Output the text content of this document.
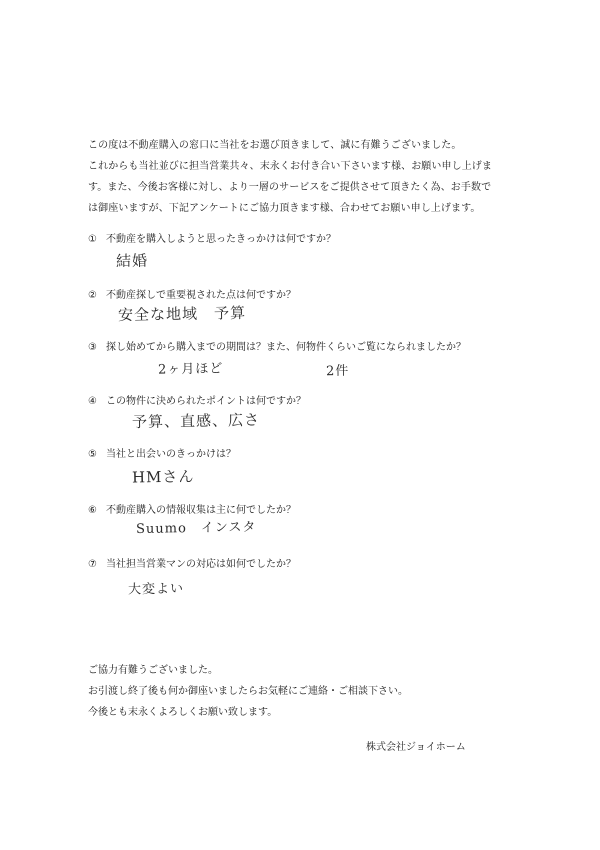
この度は不動産購入の窓口に当社をお選び頂きまして、誠に有難うございました。
これからも当社並びに担当営業共々、末永くお付き合い下さいます様、お願い申し上げま
す。また、今後お客様に対し、より一層のサービスをご提供させて頂きたく為、お手数で
は御座いますが、下記アンケートにご協力頂きます様、合わせてお願い申し上げます。
① 不動産を購入しようと思ったきっかけは何ですか？
結婚
② 不動産探しで重要視された点は何ですか？
安全な地域　予算
③ 探し始めてから購入までの期間は？また、何物件くらいご覧になられましたか？
2ヶ月ほど	2件
④ この物件に決められたポイントは何ですか？
予算、直感、広さ
⑤ 当社と出会いのきっかけは？
HMさん
⑥ 不動産購入の情報収集は主に何でしたか？
Suumo　インスタ
⑦ 当社担当営業マンの対応は如何でしたか？
大変よい
ご協力有難うございました。
お引渡し終了後も何か御座いましたらお気軽にご連絡・ご相談下さい。
今後とも末永くよろしくお願い致します。
株式会社ジョイホーム
